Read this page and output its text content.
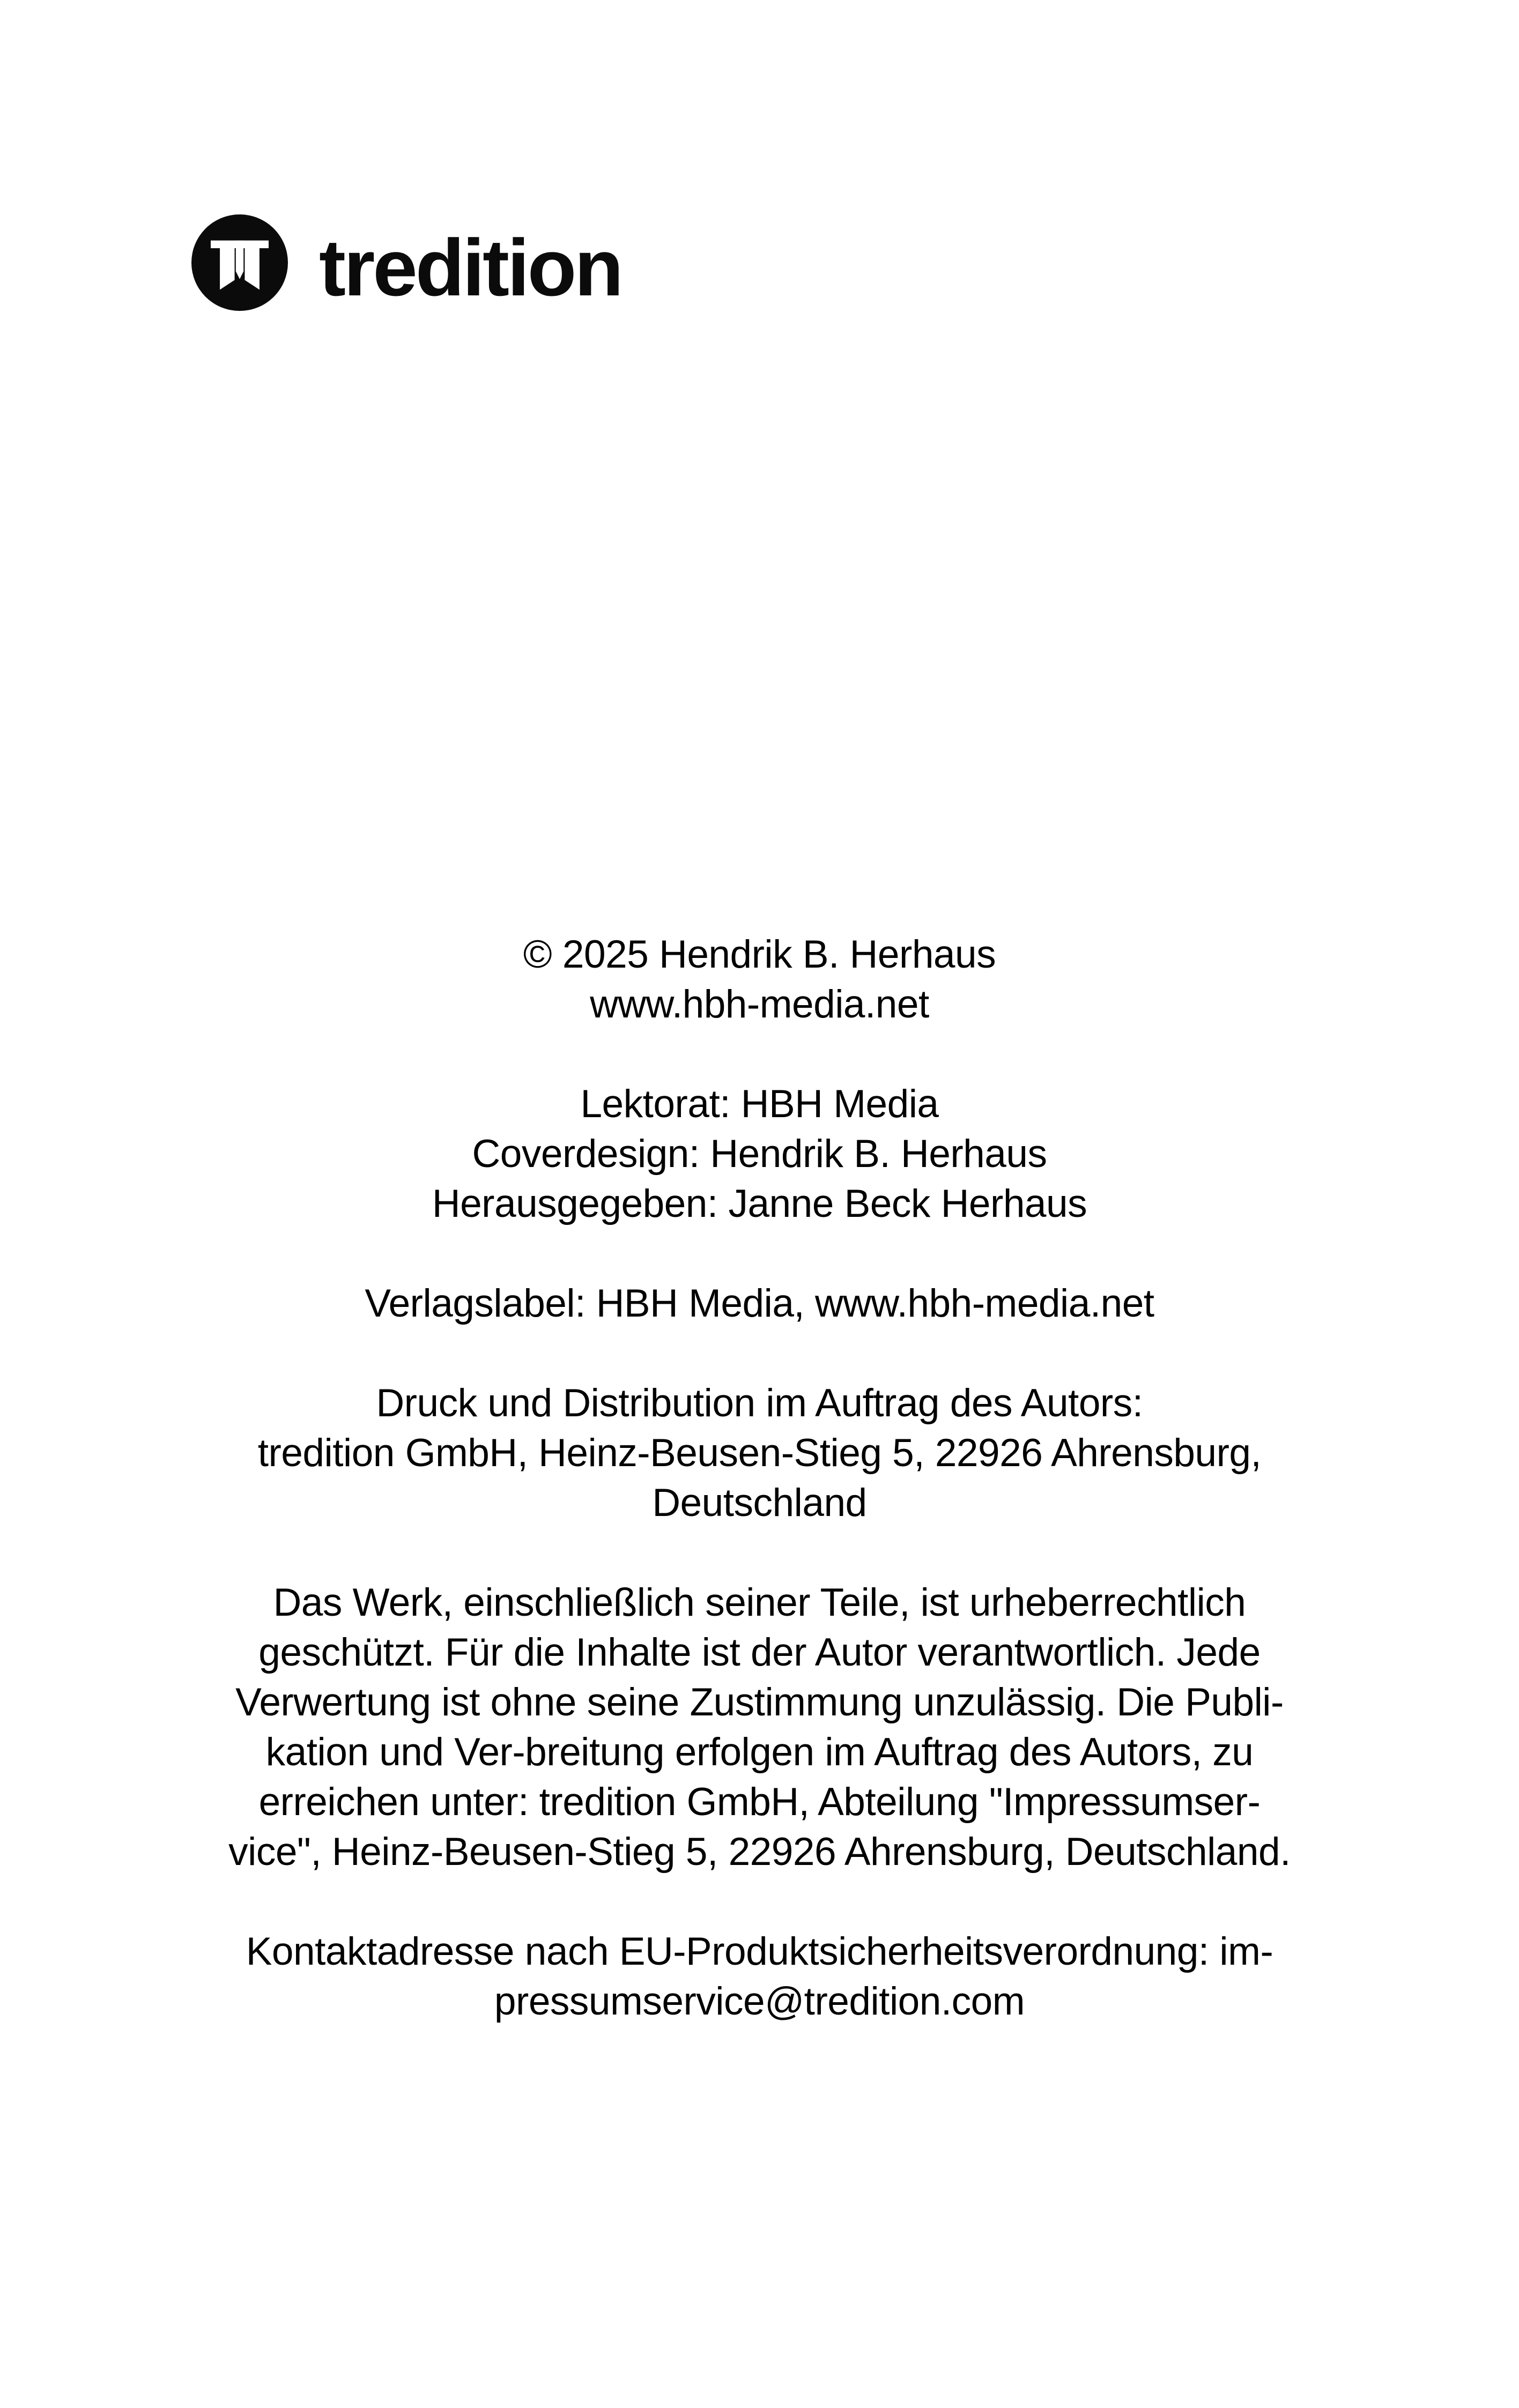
tredition
© 2025 Hendrik B. Herhaus
www.hbh-media.net
Lektorat: HBH Media
Coverdesign: Hendrik B. Herhaus
Herausgegeben: Janne Beck Herhaus
Verlagslabel: HBH Media, www.hbh-media.net
Druck und Distribution im Auftrag des Autors:
tredition GmbH, Heinz-Beusen-Stieg 5, 22926 Ahrensburg,
Deutschland
Das Werk, einschließlich seiner Teile, ist urheberrechtlich
geschützt. Für die Inhalte ist der Autor verantwortlich. Jede
Verwertung ist ohne seine Zustimmung unzulässig. Die Publi-
kation und Ver-breitung erfolgen im Auftrag des Autors, zu
erreichen unter: tredition GmbH, Abteilung "Impressumser-
vice", Heinz-Beusen-Stieg 5, 22926 Ahrensburg, Deutschland.
Kontaktadresse nach EU-Produktsicherheitsverordnung: im-
pressumservice@tredition.com
